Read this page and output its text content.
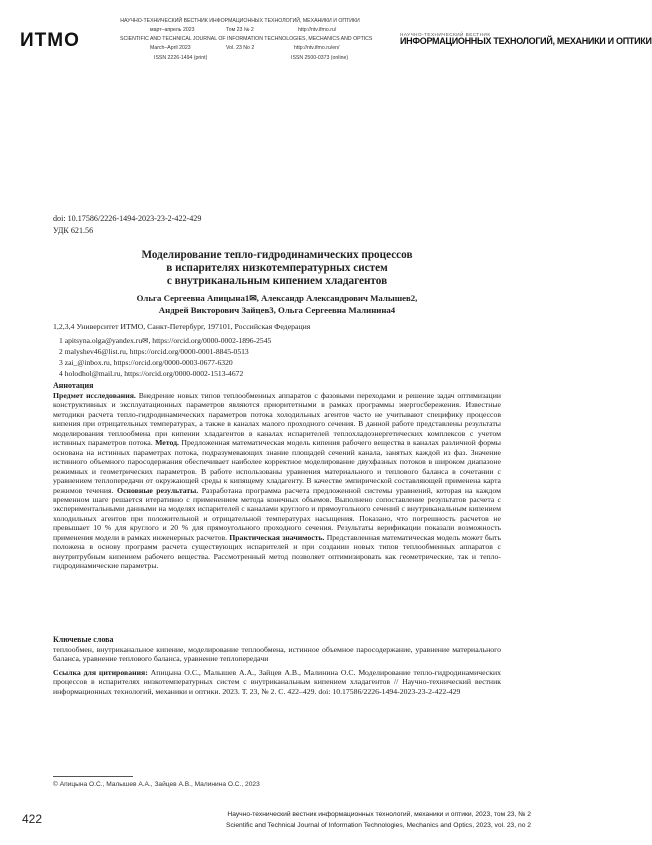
ИТМО
НАУЧНО-ТЕХНИЧЕСКИЙ ВЕСТНИК ИНФОРМАЦИОННЫХ ТЕХНОЛОГИЙ, МЕХАНИКИ И ОПТИКИ
март–апрель 2023	Том 23 № 2	http://ntv.ifmo.ru/
SCIENTIFIC AND TECHNICAL JOURNAL OF INFORMATION TECHNOLOGIES, MECHANICS AND OPTICS
March–April 2023	Vol. 23 No 2	http://ntv.ifmo.ru/en/
ISSN 2226-1494 (print)	ISSN 2500-0373 (online)
НАУЧНО-ТЕХНИЧЕСКИЙ ВЕСТНИК
ИНФОРМАЦИОННЫХ ТЕХНОЛОГИЙ, МЕХАНИКИ И ОПТИКИ
doi: 10.17586/2226-1494-2023-23-2-422-429
УДК 621.56
Моделирование тепло-гидродинамических процессов
в испарителях низкотемпературных систем
с внутриканальным кипением хладагентов
Ольга Сергеевна Апицына1✉, Александр Александрович Малышев2,
Андрей Викторович Зайцев3, Ольга Сергеевна Малинина4
1,2,3,4 Университет ИТМО, Санкт-Петербург, 197101, Российская Федерация
1 apitsyna.olga@yandex.ru✉, https://orcid.org/0000-0002-1896-2545
2 malyshev46@list.ru, https://orcid.org/0000-0001-8845-0513
3 zai_@inbox.ru, https://orcid.org/0000-0003-0677-6320
4 holodhol@mail.ru, https://orcid.org/0000-0002-1513-4672
Аннотация
Предмет исследования. Внедрение новых типов теплообменных аппаратов с фазовыми переходами и решение задач оптимизации конструктивных и эксплуатационных параметров являются приоритетными в рамках программы энергосбережения. Известные методики расчета тепло-гидродинамических параметров потока холодильных агентов часто не учитывают специфику процессов кипения при отрицательных температурах, а также в каналах малого проходного сечения. В данной работе представлены результаты моделирования теплообмена при кипении хладагентов в каналах испарителей теплохладоэнергетических комплексов с учетом истинных параметров потока. Метод. Предложенная математическая модель кипения рабочего вещества в каналах различной формы основана на истинных параметрах потока, подразумевающих знание площадей сечений канала, занятых каждой из фаз. Значение истинного объемного паросодержания обеспечивает наиболее корректное моделирование двухфазных потоков в широком диапазоне режимных и геометрических параметров. В работе использованы уравнения материального и теплового баланса в сочетании с уравнением теплопередачи от окружающей среды к кипящему хладагенту. В качестве эмпирической составляющей применена карта режимов течения. Основные результаты. Разработана программа расчета предложенной системы уравнений, которая на каждом временном шаге решается итеративно с применением метода конечных объемов. Выполнено сопоставление результатов расчета с экспериментальными данными на моделях испарителей с каналами круглого и прямоугольного сечений с внутриканальным кипением холодильных агентов при положительной и отрицательной температурах насыщения. Показано, что погрешность расчетов не превышает 10 % для круглого и 20 % для прямоугольного проходного сечения. Результаты верификации показали возможность применения модели в рамках инженерных расчетов. Практическая значимость. Представленная математическая модель может быть положена в основу программ расчета существующих испарителей и при создании новых типов теплообменных аппаратов с внутритрубным кипением рабочего вещества. Рассмотренный метод позволяет оптимизировать как геометрические, так и тепло-гидродинамические параметры.
Ключевые слова
теплообмен, внутриканальное кипение, моделирование теплообмена, истинное объемное паросодержание, уравнение материального баланса, уравнение теплового баланса, уравнение теплопередачи
Ссылка для цитирования: Апицына О.С., Малышев А.А., Зайцев А.В., Малинина О.С. Моделирование тепло-гидродинамических процессов в испарителях низкотемпературных систем с внутриканальным кипением хладагентов // Научно-технический вестник информационных технологий, механики и оптики. 2023. Т. 23, № 2. С. 422–429. doi: 10.17586/2226-1494-2023-23-2-422-429
© Апицына О.С., Малышев А.А., Зайцев А.В., Малинина О.С., 2023
422	Научно-технический вестник информационных технологий, механики и оптики, 2023, том 23, № 2
Scientific and Technical Journal of Information Technologies, Mechanics and Optics, 2023, vol. 23, no 2
